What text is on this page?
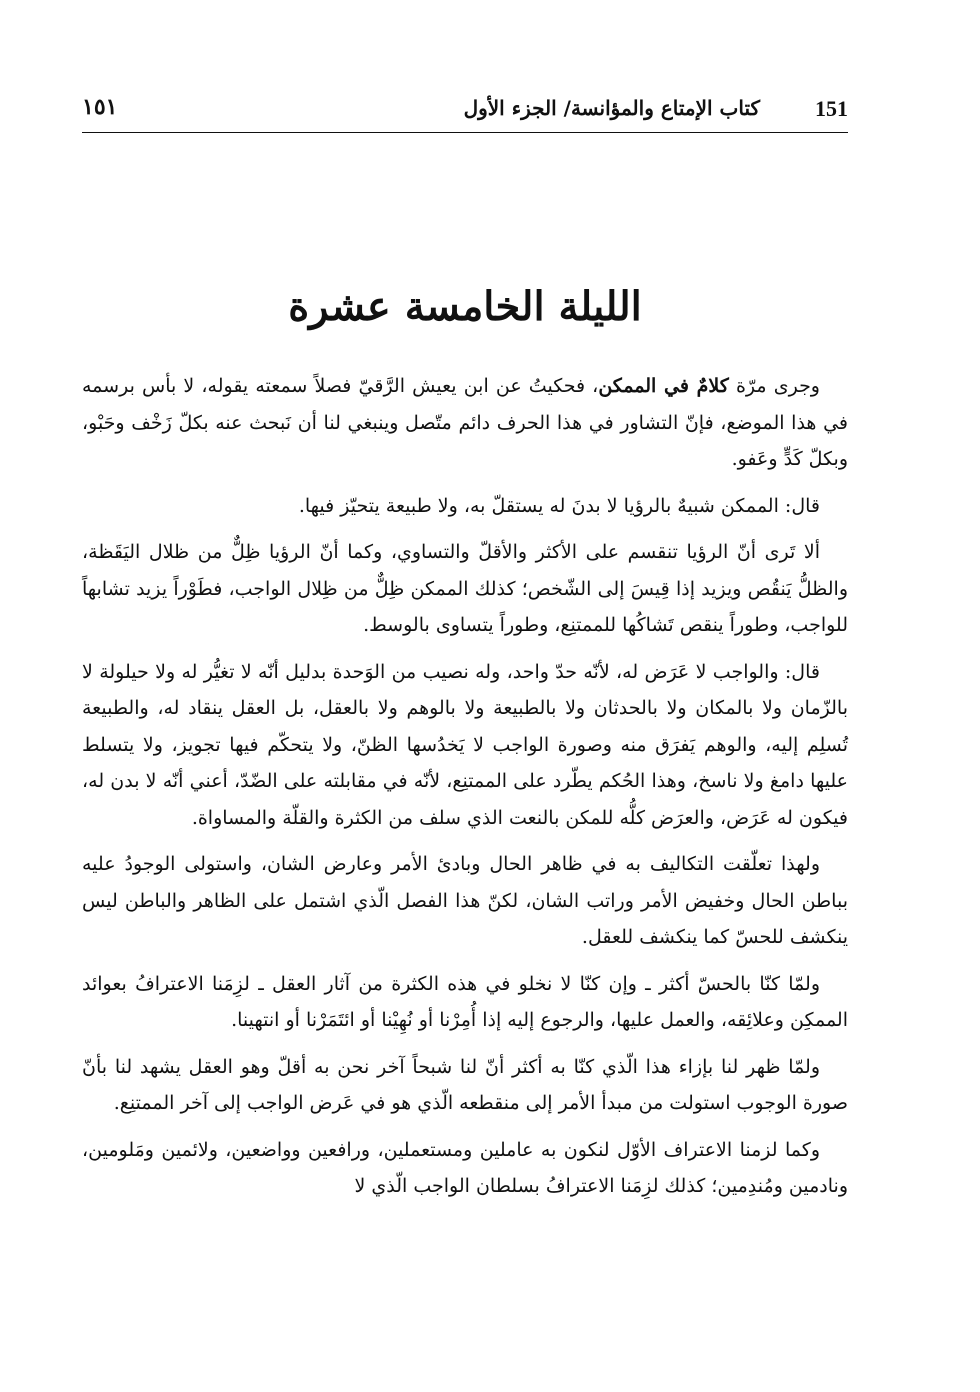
151
كتاب الإمتاع والمؤانسة/ الجزء الأول
١٥١
الليلة الخامسة عشرة

وجرى مرّة كلامٌ في الممكن، فحكيتُ عن ابن يعيش الرَّقيّ فصلاً سمعته يقوله، لا بأس برسمه في هذا الموضع، فإنّ التشاور في هذا الحرف دائم متّصل وينبغي لنا أن نَبحث عنه بكلّ زَخْف وحَبْو، وبكلّ كَدٍّ وعَفو.

قال: الممكن شبيهٌ بالرؤيا لا بدنَ له يستقلّ به، ولا طبيعة يتحيّز فيها.

ألا تَرى أنّ الرؤيا تنقسم على الأكثر والأقلّ والتساوي، وكما أنّ الرؤيا ظِلٌّ من ظلال اليَقَظة، والظلُّ يَنقُص ويزيد إذا قِيسَ إلى الشّخص؛ كذلك الممكن ظِلٌّ من ظِلال الواجب، فطَوْراً يزيد تشابهاً للواجب، وطوراً ينقص تَشاكُها للممتنِع، وطوراً يتساوى بالوسط.

قال: والواجب لا عَرَض له، لأنّه حدّ واحد، وله نصيب من الوَحدة بدليل أنّه لا تغيُّر له ولا حيلولة لا بالزّمان ولا بالمكان ولا بالحدثان ولا بالطبيعة ولا بالوهم ولا بالعقل، بل العقل ينقاد له، والطبيعة تُسلِم إليه، والوهم يَفرَق منه وصورة الواجب لا يَخدُسها الظنّ، ولا يتحكّم فيها تجويز، ولا يتسلط عليها دامغ ولا ناسخ، وهذا الحُكم يطّرد على الممتنِع، لأنّه في مقابلته على الضّدّ، أعني أنّه لا بدن له، فيكون له عَرَض، والعرَض كلُّه للمكن بالنعت الذي سلف من الكثرة والقلّة والمساواة.

ولهذا تعلّقت التكاليف به في ظاهر الحال وبادئ الأمر وعارض الشان، واستولى الوجودُ عليه بباطن الحال وخفيض الأمر وراتب الشان، لكنّ هذا الفصل الّذي اشتمل على الظاهر والباطن ليس ينكشف للحسّ كما ينكشف للعقل.

ولمّا كنّا بالحسّ أكثر ـ وإن كنّا لا نخلو في هذه الكثرة من آثار العقل ـ لزِمَنا الاعترافُ بعوائد الممكِن وعلائِقه، والعمل عليها، والرجوع إليه إذا أُمِرْنا أو نُهِيْنا أو ائتَمَرْنا أو انتهينا.

ولمّا ظهر لنا بإزاء هذا الّذي كنّا به أكثر أنّ لنا شبحاً آخر نحن به أقلّ وهو العقل يشهد لنا بأنّ صورة الوجوب استولت من مبدأ الأمر إلى منقطعه الّذي هو في عَرض الواجب إلى آخر الممتنِع.

وكما لزمنا الاعتراف الأوّل لنكون به عاملين ومستعملين، ورافعين وواضعين، ولائمين ومَلومين، ونادمين ومُندِمين؛ كذلك لزِمَنا الاعترافُ بسلطان الواجب الّذي لا
